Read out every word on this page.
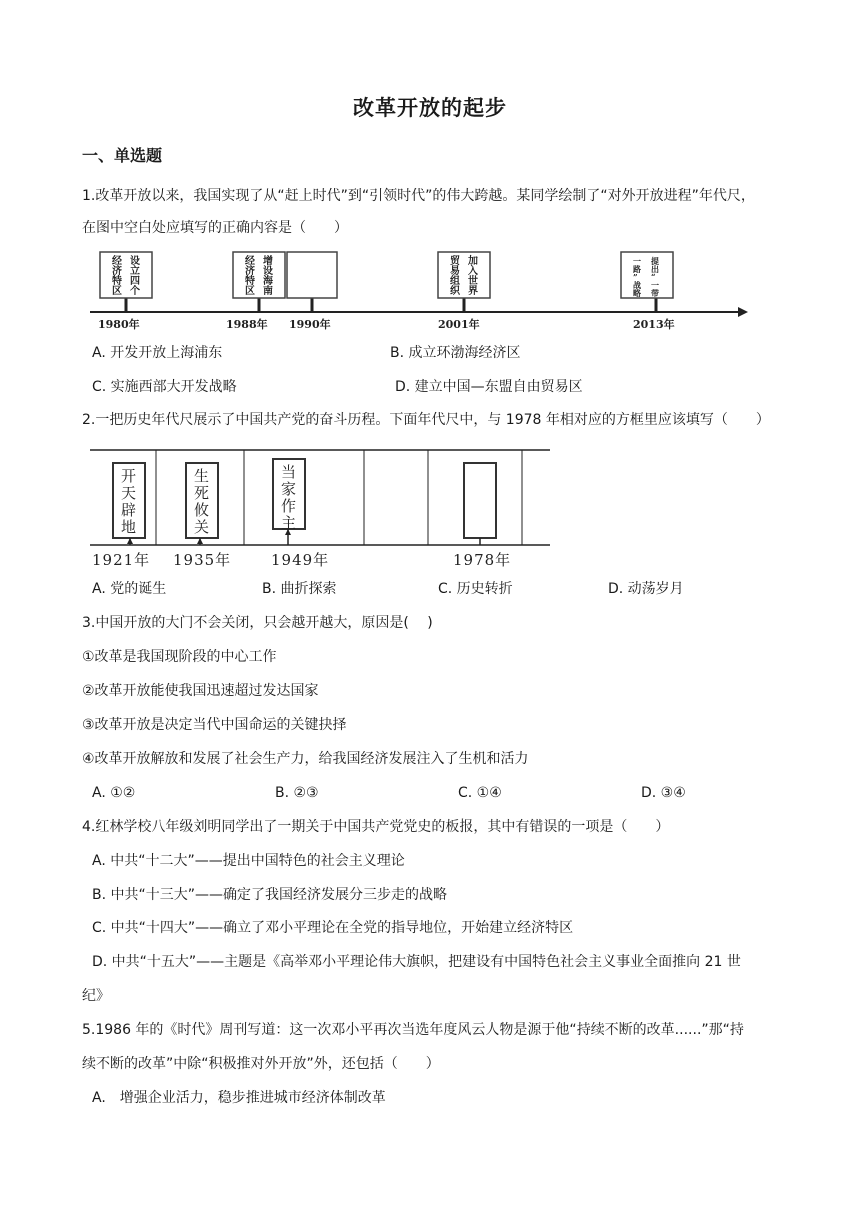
改革开放的起步
一、单选题
1.改革开放以来，我国实现了从“赶上时代”到“引领时代”的伟大跨越。某同学绘制了“对外开放进程”年代尺，
在图中空白处应填写的正确内容是（　　）
经济特区设立四个
1980年
经济特区增设海南
1988年 1990年
贸易组织加入世界
2001年
一路”战略提出“一带
2013年
A. 开发开放上海浦东	B. 成立环渤海经济区
C. 实施西部大开发战略	D. 建立中国—东盟自由贸易区
2.一把历史年代尺展示了中国共产党的奋斗历程。下面年代尺中，与 1978 年相对应的方框里应该填写（　　）
开
天
辟
地
1921年
生
死
攸
关
1935年
当
家
作
主
1949年	1978年
A. 党的诞生	B. 曲折探索	C. 历史转折	D. 动荡岁月
3.中国开放的大门不会关闭，只会越开越大，原因是(　 )
①改革是我国现阶段的中心工作
②改革开放能使我国迅速超过发达国家
③改革开放是决定当代中国命运的关键抉择
④改革开放解放和发展了社会生产力，给我国经济发展注入了生机和活力
A. ①②	B. ②③	C. ①④	D. ③④
4.红林学校八年级刘明同学出了一期关于中国共产党党史的板报，其中有错误的一项是（　　）
A. 中共“十二大”——提出中国特色的社会主义理论
B. 中共“十三大”——确定了我国经济发展分三步走的战略
C. 中共“十四大”——确立了邓小平理论在全党的指导地位，开始建立经济特区
D. 中共“十五大”——主题是《高举邓小平理论伟大旗帜，把建设有中国特色社会主义事业全面推向 21 世
纪》
5.1986 年的《时代》周刊写道：这一次邓小平再次当选年度风云人物是源于他“持续不断的改革......”那“持
续不断的改革”中除“积极推对外开放”外，还包括（　　）
A.　增强企业活力，稳步推进城市经济体制改革
